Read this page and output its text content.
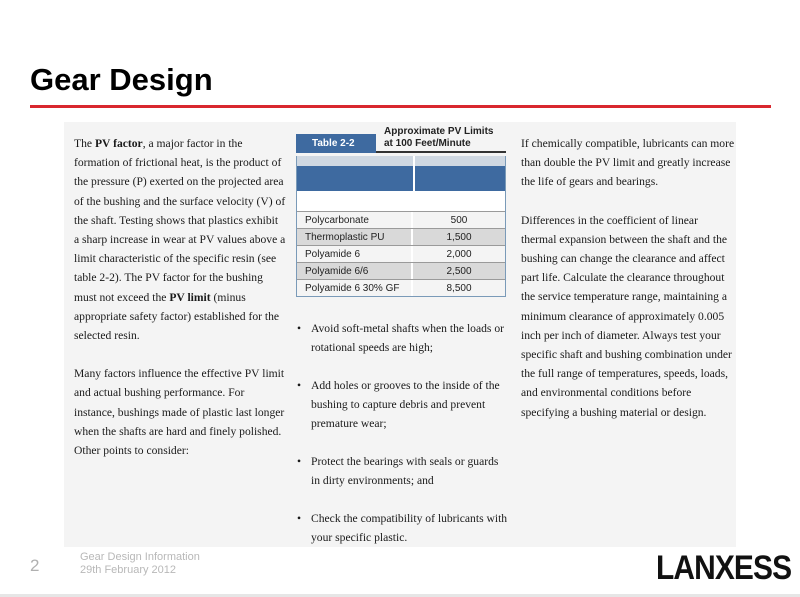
Gear Design

The PV factor, a major factor in the formation of frictional heat, is the product of the pressure (P) exerted on the projected area of the bushing and the surface velocity (V) of the shaft. Testing shows that plastics exhibit a sharp increase in wear at PV values above a limit characteristic of the specific resin (see table 2-2). The PV factor for the bushing must not exceed the PV limit (minus appropriate safety factor) established for the selected resin.

Many factors influence the effective PV limit and actual bushing performance. For instance, bushings made of plastic last longer when the shafts are hard and finely polished. Other points to consider:

Table 2-2
Approximate PV Limits
at 100 Feet/Minute
Polycarbonate	500
Thermoplastic PU	1,500
Polyamide 6	2,000
Polyamide 6/6	2,500
Polyamide 6 30% GF	8,500
• Avoid soft-metal shafts when the loads or rotational speeds are high;
• Add holes or grooves to the inside of the bushing to capture debris and prevent premature wear;
• Protect the bearings with seals or guards in dirty environments; and
• Check the compatibility of lubricants with your specific plastic.

If chemically compatible, lubricants can more than double the PV limit and greatly increase the life of gears and bearings.

Differences in the coefficient of linear thermal expansion between the shaft and the bushing can change the clearance and affect part life. Calculate the clearance throughout the service temperature range, maintaining a minimum clearance of approximately 0.005 inch per inch of diameter. Always test your specific shaft and bushing combination under the full range of temperatures, speeds, loads, and environmental conditions before specifying a bushing material or design.

2	Gear Design Information
29th February 2012	LANXESS
